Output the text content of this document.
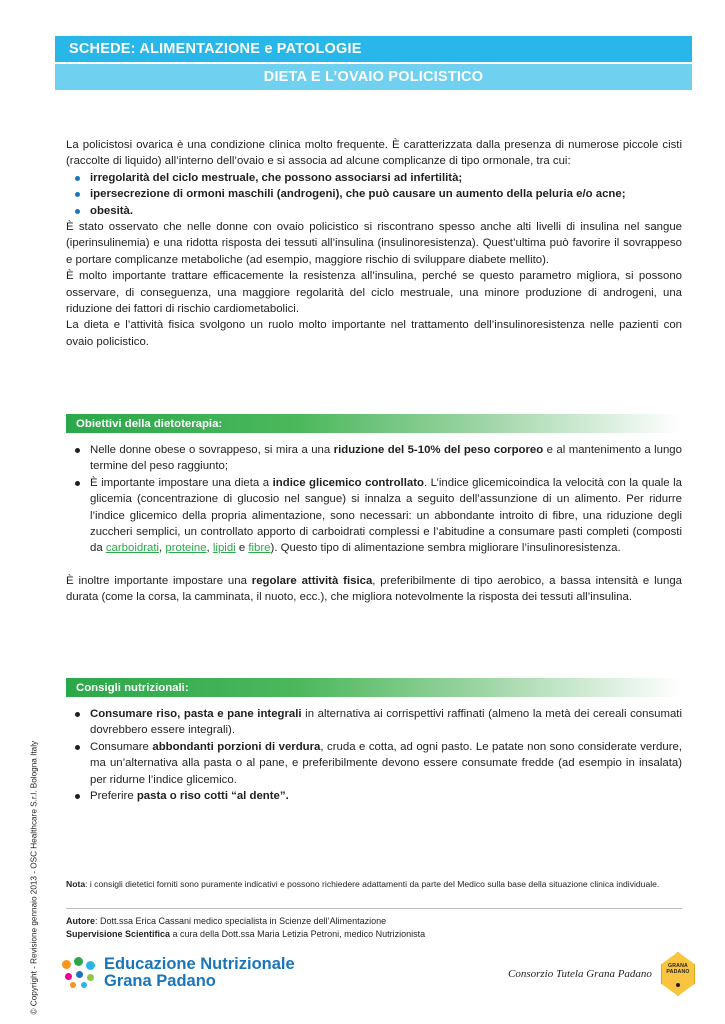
SCHEDE: ALIMENTAZIONE e PATOLOGIE
DIETA E L’OVAIO POLICISTICO

La policistosi ovarica è una condizione clinica molto frequente. È caratterizzata dalla presenza di numerose piccole cisti (raccolte di liquido) all’interno dell’ovaio e si associa ad alcune complicanze di tipo ormonale, tra cui:

irregolarità del ciclo mestruale, che possono associarsi ad infertilità;
ipersecrezione di ormoni maschili (androgeni), che può causare un aumento della peluria e/o acne;
obesità.

È stato osservato che nelle donne con ovaio policistico si riscontrano spesso anche alti livelli di insulina nel sangue (iperinsulinemia) e una ridotta risposta dei tessuti all’insulina (insulinoresistenza). Quest’ultima può favorire il sovrappeso e portare complicanze metaboliche (ad esempio, maggiore rischio di sviluppare diabete mellito).

È molto importante trattare efficacemente la resistenza all’insulina, perché se questo parametro migliora, si possono osservare, di conseguenza, una maggiore regolarità del ciclo mestruale, una minore produzione di androgeni, una riduzione dei fattori di rischio cardiometabolici.

La dieta e l’attività fisica svolgono un ruolo molto importante nel trattamento dell’insulinoresistenza nelle pazienti con ovaio policistico.

Obiettivi della dietoterapia:
Nelle donne obese o sovrappeso, si mira a una riduzione del 5-10% del peso corporeo e al mantenimento a lungo termine del peso raggiunto;
È importante impostare una dieta a indice glicemico controllato. L’indice glicemicoindica la velocità con la quale la glicemia (concentrazione di glucosio nel sangue) si innalza a seguito dell’assunzione di un alimento. Per ridurre l’indice glicemico della propria alimentazione, sono necessari: un abbondante introito di fibre, una riduzione degli zuccheri semplici, un controllato apporto di carboidrati complessi e l’abitudine a consumare pasti completi (composti da carboidrati, proteine, lipidi e fibre). Questo tipo di alimentazione sembra migliorare l’insulinoresistenza.

È inoltre importante impostare una regolare attività fisica, preferibilmente di tipo aerobico, a bassa intensità e lunga durata (come la corsa, la camminata, il nuoto, ecc.), che migliora notevolmente la risposta dei tessuti all’insulina.

Consigli nutrizionali:
Consumare riso, pasta e pane integrali in alternativa ai corrispettivi raffinati (almeno la metà dei cereali consumati dovrebbero essere integrali).
Consumare abbondanti porzioni di verdura, cruda e cotta, ad ogni pasto. Le patate non sono considerate verdure, ma un’alternativa alla pasta o al pane, e preferibilmente devono essere consumate fredde (ad esempio in insalata) per ridurne l’indice glicemico.
Preferire pasta o riso cotti “al dente”.
Nota: i consigli dietetici forniti sono puramente indicativi e possono richiedere adattamenti da parte del Medico sulla base della situazione clinica individuale.
Autore: Dott.ssa Erica Cassani medico specialista in Scienze dell’Alimentazione
Supervisione Scientifica a cura della Dott.ssa Maria Letizia Petroni, medico Nutrizionista
© Copyright - Revisione gennaio 2013 - OSC Healthcare S.r.l. Bologna Italy	Educazione Nutrizionale
Grana Padano	Consorzio Tutela Grana Padano
GRANA
PADANO
